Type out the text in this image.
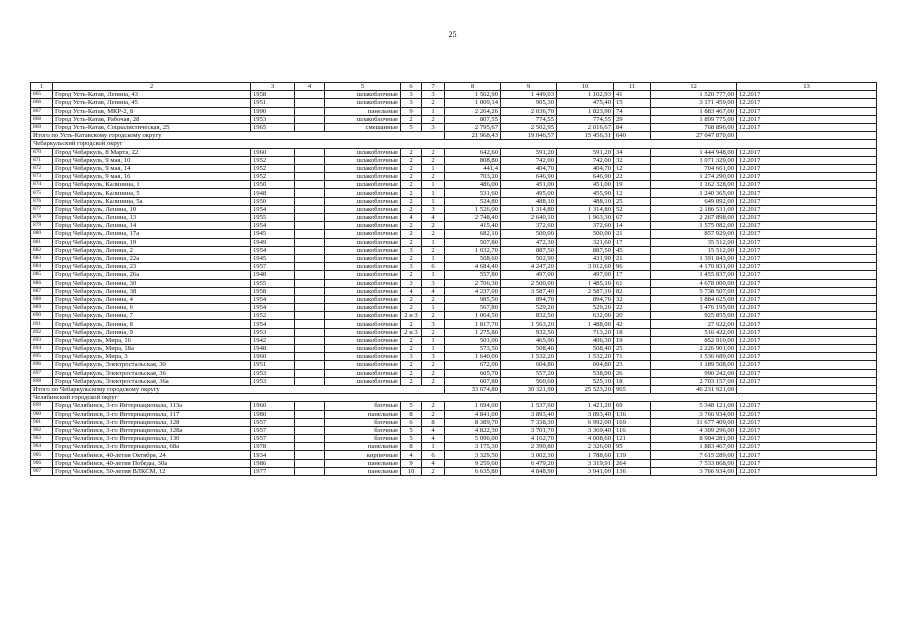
25
1	2	3	4	5	6	7	8	9	10	11	12	13
865	Город Усть-Катав, Ленина, 43	1958		шлакоблочные	3	3	1 562,90	1 449,03	1 102,93	41	1 520 777,00	12.2017
866	Город Усть-Катав, Ленина, 45	1951		шлакоблочные	3	2	1 009,14	905,30	475,40	15	3 171 459,00	12.2017
867	Город Усть-Катав, МКР-2, 8	1990		панельные	9	1	2 264,26	2 036,70	1 823,90	74	1 883 467,00	12.2017
868	Город Усть-Катав, Рабочая, 28	1953		шлакоблочные	2	2	807,55	774,55	774,55	29	1 899 775,00	12.2017
869	Город Усть-Катав, Социалистическая, 25	1965		смешанные	5	3	2 795,67	2 502,95	2 016,67	84	768 896,00	12.2017
Итого по Усть-Катавскому городскому округу							21 968,43	19 046,57	15 456,31	640	27 047 870,00	
Чебаркульский городской округ												
870	Город Чебаркуль, 8 Марта, 22	1960		шлакоблочные	2	2	642,60	591,20	591,20	34	1 444 948,00	12.2017
871	Город Чебаркуль, 9 мая, 10	1952		шлакоблочные	2	2	808,80	742,00	742,00	32	1 071 329,00	12.2017
872	Город Чебаркуль, 9 мая, 14	1952		шлакоблочные	2	1	441,4	404,70	404,70	12	704 661,00	12.2017
873	Город Чебаркуль, 9 мая, 16	1952		шлакоблочные	2	2	703,20	646,90	646,90	22	1 274 290,00	12.2017
874	Город Чебаркуль, Калинина, 1	1950		шлакоблочные	2	1	486,00	451,00	451,00	19	1 162 328,00	12.2017
875	Город Чебаркуль, Калинина, 5	1948		шлакоблочные	2	1	531,60	495,00	455,90	12	1 240 365,00	12.2017
876	Город Чебаркуль, Калинина, 5а	1950		шлакоблочные	2	1	524,80	488,10	488,10	25	649 892,00	12.2017
877	Город Чебаркуль, Ленина, 10	1954		шлакоблочные	2	3	1 526,00	1 314,80	1 314,80	52	2 186 531,00	12.2017
878	Город Чебаркуль, Ленина, 13	1955		шлакоблочные	4	4	2 748,40	2 640,10	1 963,30	67	2 267 898,00	12.2017
879	Город Чебаркуль, Ленина, 14	1954		шлакоблочные	2	2	415,40	372,60	372,60	14	1 575 082,00	12.2017
880	Город Чебаркуль, Ленина, 17а	1945		шлакоблочные	2	2	682,10	500,00	500,00	21	857 929,00	12.2017
881	Город Чебаркуль, Ленина, 19	1949		шлакоблочные	2	1	507,80	472,30	321,60	17	35 512,00	12.2017
882	Город Чебаркуль, Ленина, 2	1954		шлакоблочные	3	2	1 032,70	887,50	887,50	45	15 512,00	12.2017
883	Город Чебаркуль, Ленина, 22а	1945		шлакоблочные	2	1	568,60	502,90	431,90	21	1 391 843,00	12.2017
884	Город Чебаркуль, Ленина, 23	1957		шлакоблочные	3	6	4 684,40	4 247,20	3 012,60	96	4 170 831,00	12.2017
885	Город Чебаркуль, Ленина, 26а	1948		шлакоблочные	2	1	557,80	497,00	497,00	17	1 455 837,00	12.2017
886	Город Чебаркуль, Ленина, 30	1955		шлакоблочные	3	3	2 706,30	2 500,00	1 485,10	61	4 678 000,00	12.2017
887	Город Чебаркуль, Ленина, 38	1958		шлакоблочные	4	4	4 237,00	3 587,40	2 587,10	82	5 738 507,00	12.2017
888	Город Чебаркуль, Ленина, 4	1954		шлакоблочные	2	2	985,50	894,70	894,70	32	1 884 625,00	12.2017
889	Город Чебаркуль, Ленина, 6	1954		шлакоблочные	2	1	567,80	529,20	529,20	22	1 476 195,00	12.2017
890	Город Чебаркуль, Ленина, 7	1952		шлакоблочные	2 и 3	2	1 064,50	832,50	632,00	20	925 855,00	12.2017
891	Город Чебаркуль, Ленина, 8	1954		шлакоблочные	2	3	1 817,70	1 563,20	1 488,00	42	27 922,00	12.2017
892	Город Чебаркуль, Ленина, 9	1953		шлакоблочные	2 и 3	2	1 275,80	932,50	713,20	18	516 422,00	12.2017
893	Город Чебаркуль, Мира, 16	1942		шлакоблочные	2	1	501,00	465,90	406,30	19	852 910,00	12.2017
894	Город Чебаркуль, Мира, 18а	1948		шлакоблочные	2	1	573,50	508,40	508,40	25	2 226 901,00	12.2017
895	Город Чебаркуль, Мира, 3	1960		шлакоблочные	3	3	1 640,00	1 532,20	1 532,20	71	1 536 689,00	12.2017
896	Город Чебаркуль, Электростальская, 30	1951		шлакоблочные	2	2	672,00	604,80	604,80	23	1 189 508,00	12.2017
897	Город Чебаркуль, Электростальская, 36	1953		шлакоблочные	2	2	605,70	557,20	538,00	26	990 242,00	12.2017
898	Город Чебаркуль, Электростальская, 36а	1953		шлакоблочные	2	2	607,80	560,60	525,10	18	2 703 157,00	12.2017
Итого по Чебаркульскому городскому округу							33 674,80	30 321,90	25 523,20	965	46 231 921,00	
Челябинский городской округ												
899	Город Челябинск, 3-го Интернационала, 113а	1960		блочные	5	2	1 694,00	1 537,60	1 421,20	69	5 348 121,00	12.2017
900	Город Челябинск, 3-го Интернационала, 117	1980		панельные	8	2	4 841,00	3 893,40	3 893,40	136	3 766 934,00	12.2017
901	Город Челябинск, 3-го Интернационала, 128	1957		блочные	6	8	8 389,70	7 338,30	6 992,00	169	11 677 409,00	12.2017
902	Город Челябинск, 3-го Интернационала, 128а	1957		блочные	5	4	4 822,30	3 701,70	3 369,40	116	4 309 296,00	12.2017
903	Город Челябинск, 3-го Интернационала, 130	1957		блочные	5	4	5 096,00	4 162,70	4 008,60	121	8 904 281,00	12.2017
904	Город Челябинск, 3-го Интернационала, 68а	1978		панельные	8	1	3 175,30	2 390,80	2 326,00	95	1 883 467,00	12.2017
905	Город Челябинск, 40-летия Октября, 24	1934		кирпичные	4	6	3 329,50	3 002,30	1 788,60	139	7 615 289,00	12.2017
906	Город Челябинск, 40-летия Победы, 30а	1986		панельные	9	4	9 259,60	6 479,20	3 319,91	264	7 533 868,00	12.2017
907	Город Челябинск, 50-летия ВЛКСМ, 12	1977		панельные	10	2	6 635,80	4 848,90	3 941,09	136	3 766 934,00	12.2017
